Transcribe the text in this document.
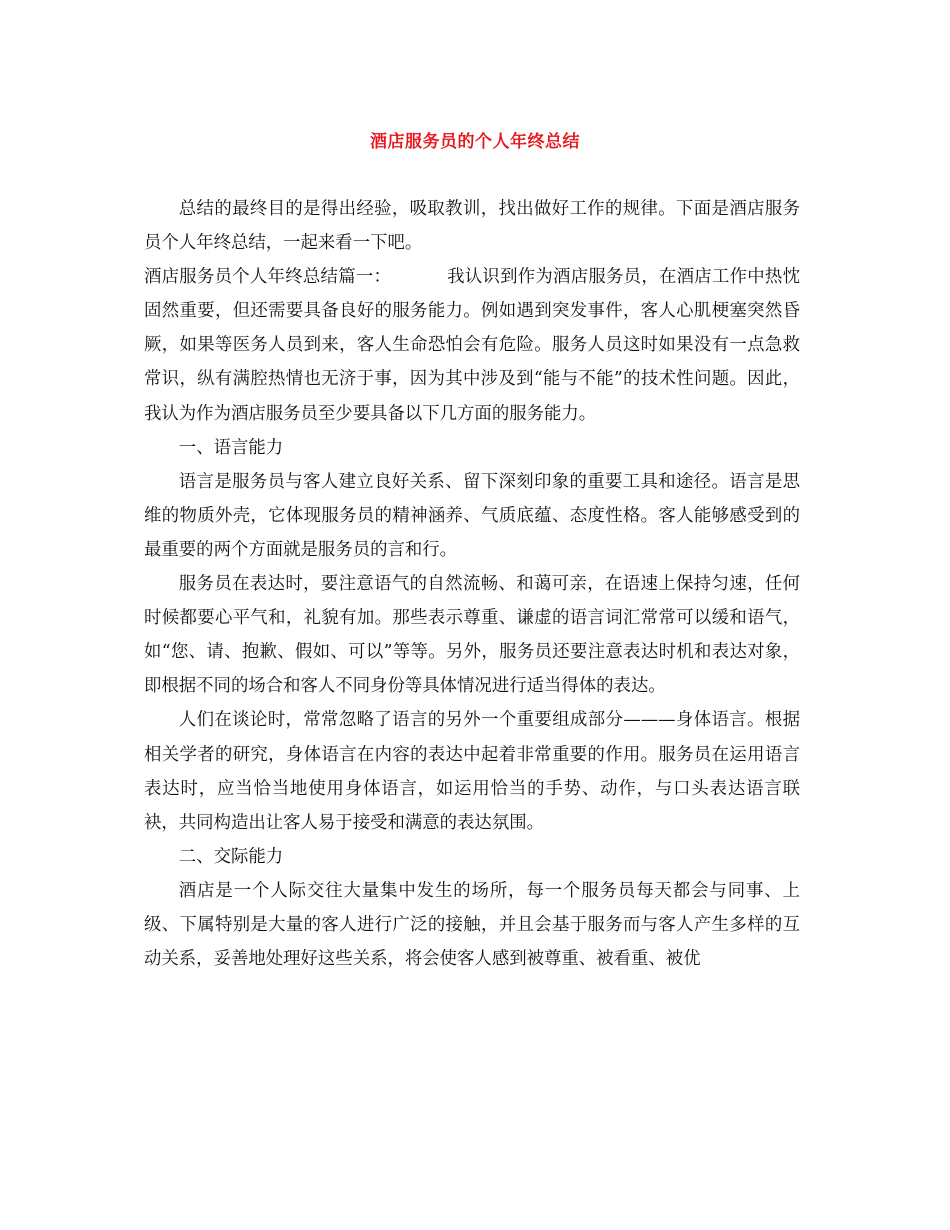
酒店服务员的个人年终总结

总结的最终目的是得出经验，吸取教训，找出做好工作的规律。下面是酒店服务员个人年终总结，一起来看一下吧。

酒店服务员个人年终总结篇一：	我认识到作为酒店服务员，在酒店工作中热忱固然重要，但还需要具备良好的服务能力。例如遇到突发事件，客人心肌梗塞突然昏厥，如果等医务人员到来，客人生命恐怕会有危险。服务人员这时如果没有一点急救常识，纵有满腔热情也无济于事，因为其中涉及到“能与不能”的技术性问题。因此，我认为作为酒店服务员至少要具备以下几方面的服务能力。

一、语言能力

语言是服务员与客人建立良好关系、留下深刻印象的重要工具和途径。语言是思维的物质外壳，它体现服务员的精神涵养、气质底蕴、态度性格。客人能够感受到的最重要的两个方面就是服务员的言和行。

服务员在表达时，要注意语气的自然流畅、和蔼可亲，在语速上保持匀速，任何时候都要心平气和，礼貌有加。那些表示尊重、谦虚的语言词汇常常可以缓和语气，如“您、请、抱歉、假如、可以”等等。另外，服务员还要注意表达时机和表达对象，即根据不同的场合和客人不同身份等具体情况进行适当得体的表达。

人们在谈论时，常常忽略了语言的另外一个重要组成部分———身体语言。根据相关学者的研究，身体语言在内容的表达中起着非常重要的作用。服务员在运用语言表达时，应当恰当地使用身体语言，如运用恰当的手势、动作，与口头表达语言联袂，共同构造出让客人易于接受和满意的表达氛围。

二、交际能力

酒店是一个人际交往大量集中发生的场所，每一个服务员每天都会与同事、上级、下属特别是大量的客人进行广泛的接触，并且会基于服务而与客人产生多样的互动关系，妥善地处理好这些关系，将会使客人感到被尊重、被看重、被优
